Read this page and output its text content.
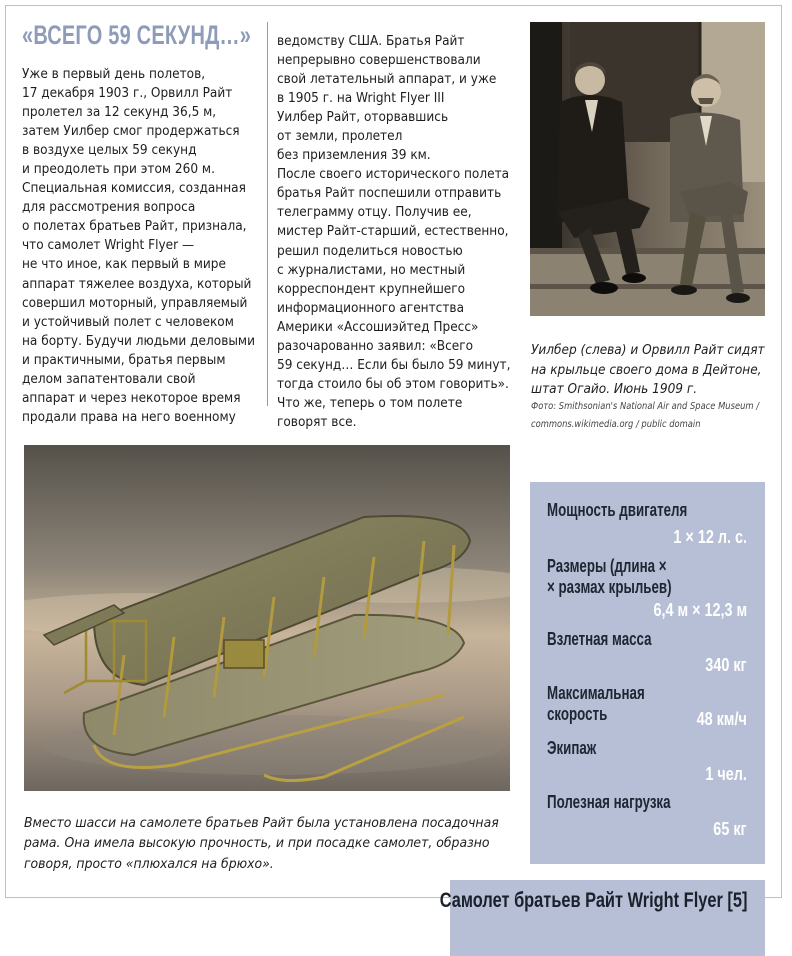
«ВСЕГО 59 СЕКУНД…»

Уже в первый день полетов,
17 декабря 1903 г., Орвилл Райт
пролетел за 12 секунд 36,5 м,
затем Уилбер смог продержаться
в воздухе целых 59 секунд
и преодолеть при этом 260 м.
Специальная комиссия, созданная
для рассмотрения вопроса
о полетах братьев Райт, признала,
что самолет Wright Flyer —
не что иное, как первый в мире
аппарат тяжелее воздуха, который
совершил моторный, управляемый
и устойчивый полет с человеком
на борту. Будучи людьми деловыми
и практичными, братья первым
делом запатентовали свой
аппарат и через некоторое время
продали права на него военному

ведомству США. Братья Райт
непрерывно совершенствовали
свой летательный аппарат, и уже
в 1905 г. на Wright Flyer III
Уилбер Райт, оторвавшись
от земли, пролетел
без приземления 39 км.
После своего исторического полета
братья Райт поспешили отправить
телеграмму отцу. Получив ее,
мистер Райт-старший, естественно,
решил поделиться новостью
с журналистами, но местный
корреспондент крупнейшего
информационного агентства
Америки «Ассошиэйтед Пресс»
разочарованно заявил: «Всего
59 секунд… Если бы было 59 минут,
тогда стоило бы об этом говорить».
Что же, теперь о том полете
говорят все.

Уилбер (слева) и Орвилл Райт сидят
на крыльце своего дома в Дейтоне,
штат Огайо. Июнь 1909 г.
Фото: Smithsonian's National Air and Space Museum /
commons.wikimedia.org / public domain
Вместо шасси на самолете братьев Райт была установлена посадочная
рама. Она имела высокую прочность, и при посадке самолет, образно
говоря, просто «плюхался на брюхо».
Мощность двигателя
1 × 12 л. с.
Размеры (длина ×
× размах крыльев)
6,4 м × 12,3 м
Взлетная масса
340 кг
Максимальная скорость	48 км/ч
Экипаж
1 чел.
Полезная нагрузка
65 кг
Самолет братьев Райт Wright Flyer [5]
